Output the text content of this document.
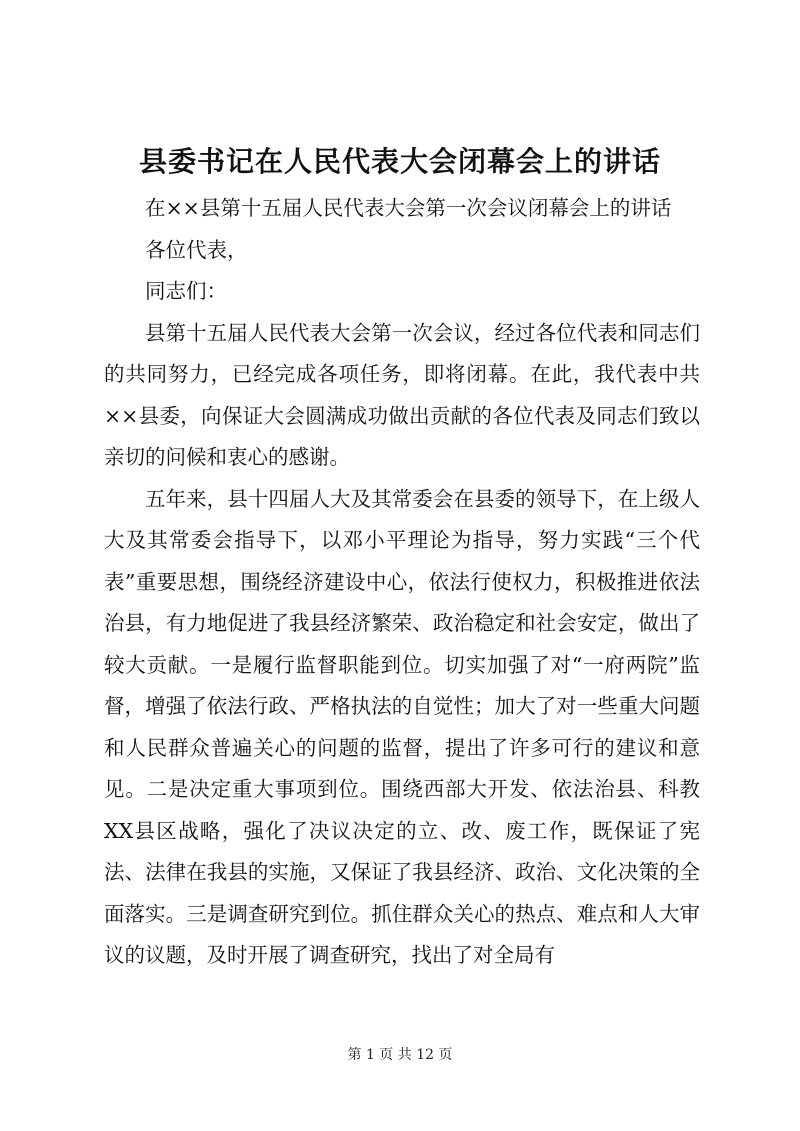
县委书记在人民代表大会闭幕会上的讲话

在××县第十五届人民代表大会第一次会议闭幕会上的讲话

各位代表，

同志们：

县第十五届人民代表大会第一次会议，经过各位代表和同志们的共同努力，已经完成各项任务，即将闭幕。在此，我代表中共××县委，向保证大会圆满成功做出贡献的各位代表及同志们致以亲切的问候和衷心的感谢。

五年来，县十四届人大及其常委会在县委的领导下，在上级人大及其常委会指导下，以邓小平理论为指导，努力实践“三个代表”重要思想，围绕经济建设中心，依法行使权力，积极推进依法治县，有力地促进了我县经济繁荣、政治稳定和社会安定，做出了较大贡献。一是履行监督职能到位。切实加强了对“一府两院”监督，增强了依法行政、严格执法的自觉性；加大了对一些重大问题和人民群众普遍关心的问题的监督，提出了许多可行的建议和意见。二是决定重大事项到位。围绕西部大开发、依法治县、科教XX县区战略，强化了决议决定的立、改、废工作，既保证了宪法、法律在我县的实施，又保证了我县经济、政治、文化决策的全面落实。三是调查研究到位。抓住群众关心的热点、难点和人大审议的议题，及时开展了调查研究，找出了对全局有

第 1 页 共 12 页
